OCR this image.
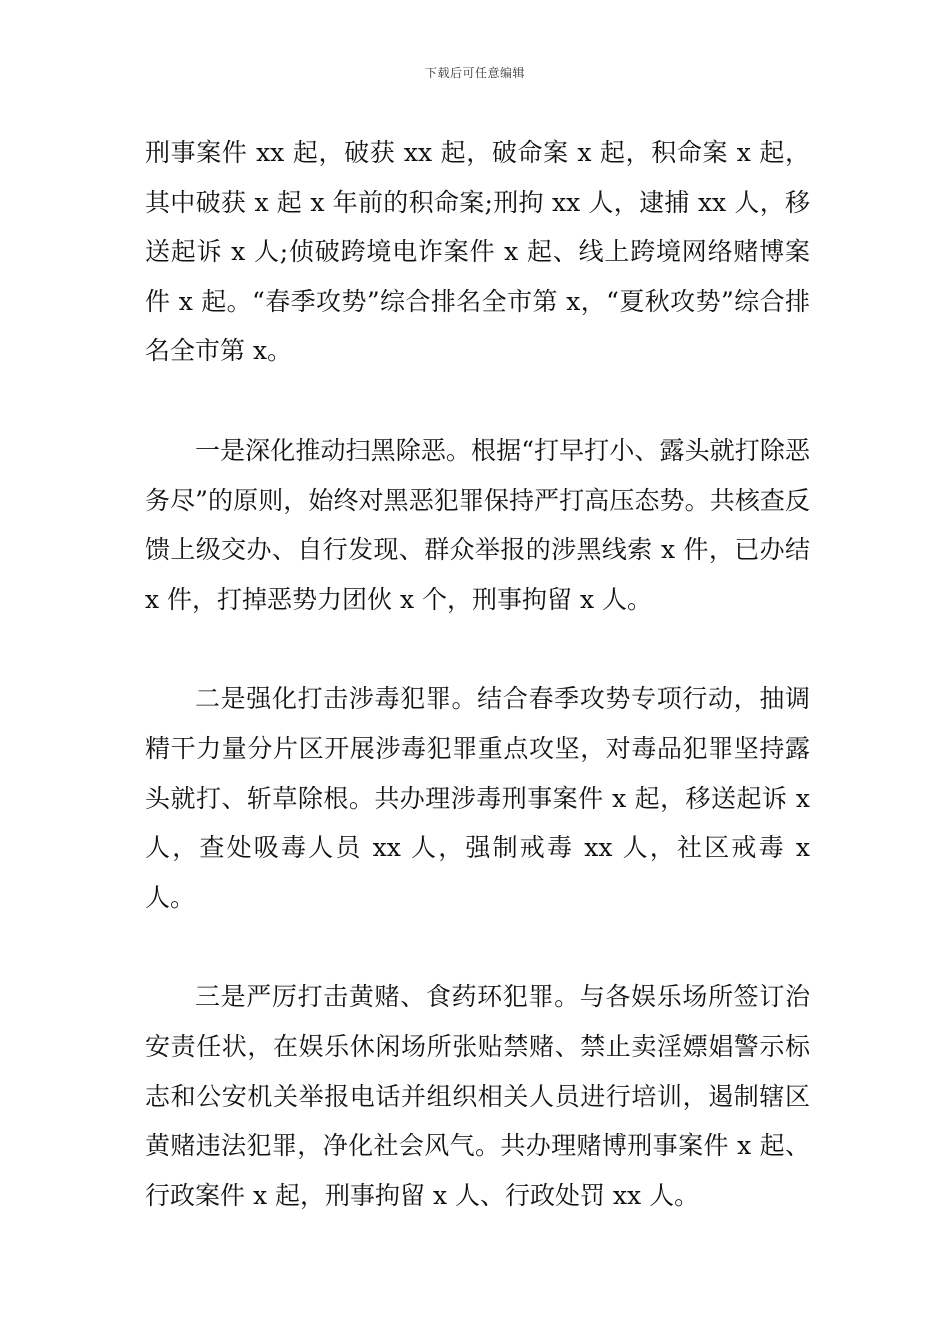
下载后可任意编辑

刑事案件 xx 起，破获 xx 起，破命案 x 起，积命案 x 起，其中破获 x 起 x 年前的积命案;刑拘 xx 人，逮捕 xx 人，移送起诉 x 人;侦破跨境电诈案件 x 起、线上跨境网络赌博案件 x 起。“春季攻势”综合排名全市第 x，“夏秋攻势”综合排名全市第 x。

一是深化推动扫黑除恶。根据“打早打小、露头就打除恶务尽”的原则，始终对黑恶犯罪保持严打高压态势。共核查反馈上级交办、自行发现、群众举报的涉黑线索 x 件，已办结 x 件，打掉恶势力团伙 x 个，刑事拘留 x 人。

二是强化打击涉毒犯罪。结合春季攻势专项行动，抽调精干力量分片区开展涉毒犯罪重点攻坚，对毒品犯罪坚持露头就打、斩草除根。共办理涉毒刑事案件 x 起，移送起诉 x 人，查处吸毒人员 xx 人，强制戒毒 xx 人，社区戒毒 x 人。

三是严厉打击黄赌、食药环犯罪。与各娱乐场所签订治安责任状，在娱乐休闲场所张贴禁赌、禁止卖淫嫖娼警示标志和公安机关举报电话并组织相关人员进行培训，遏制辖区黄赌违法犯罪，净化社会风气。共办理赌博刑事案件 x 起、行政案件 x 起，刑事拘留 x 人、行政处罚 xx 人。
